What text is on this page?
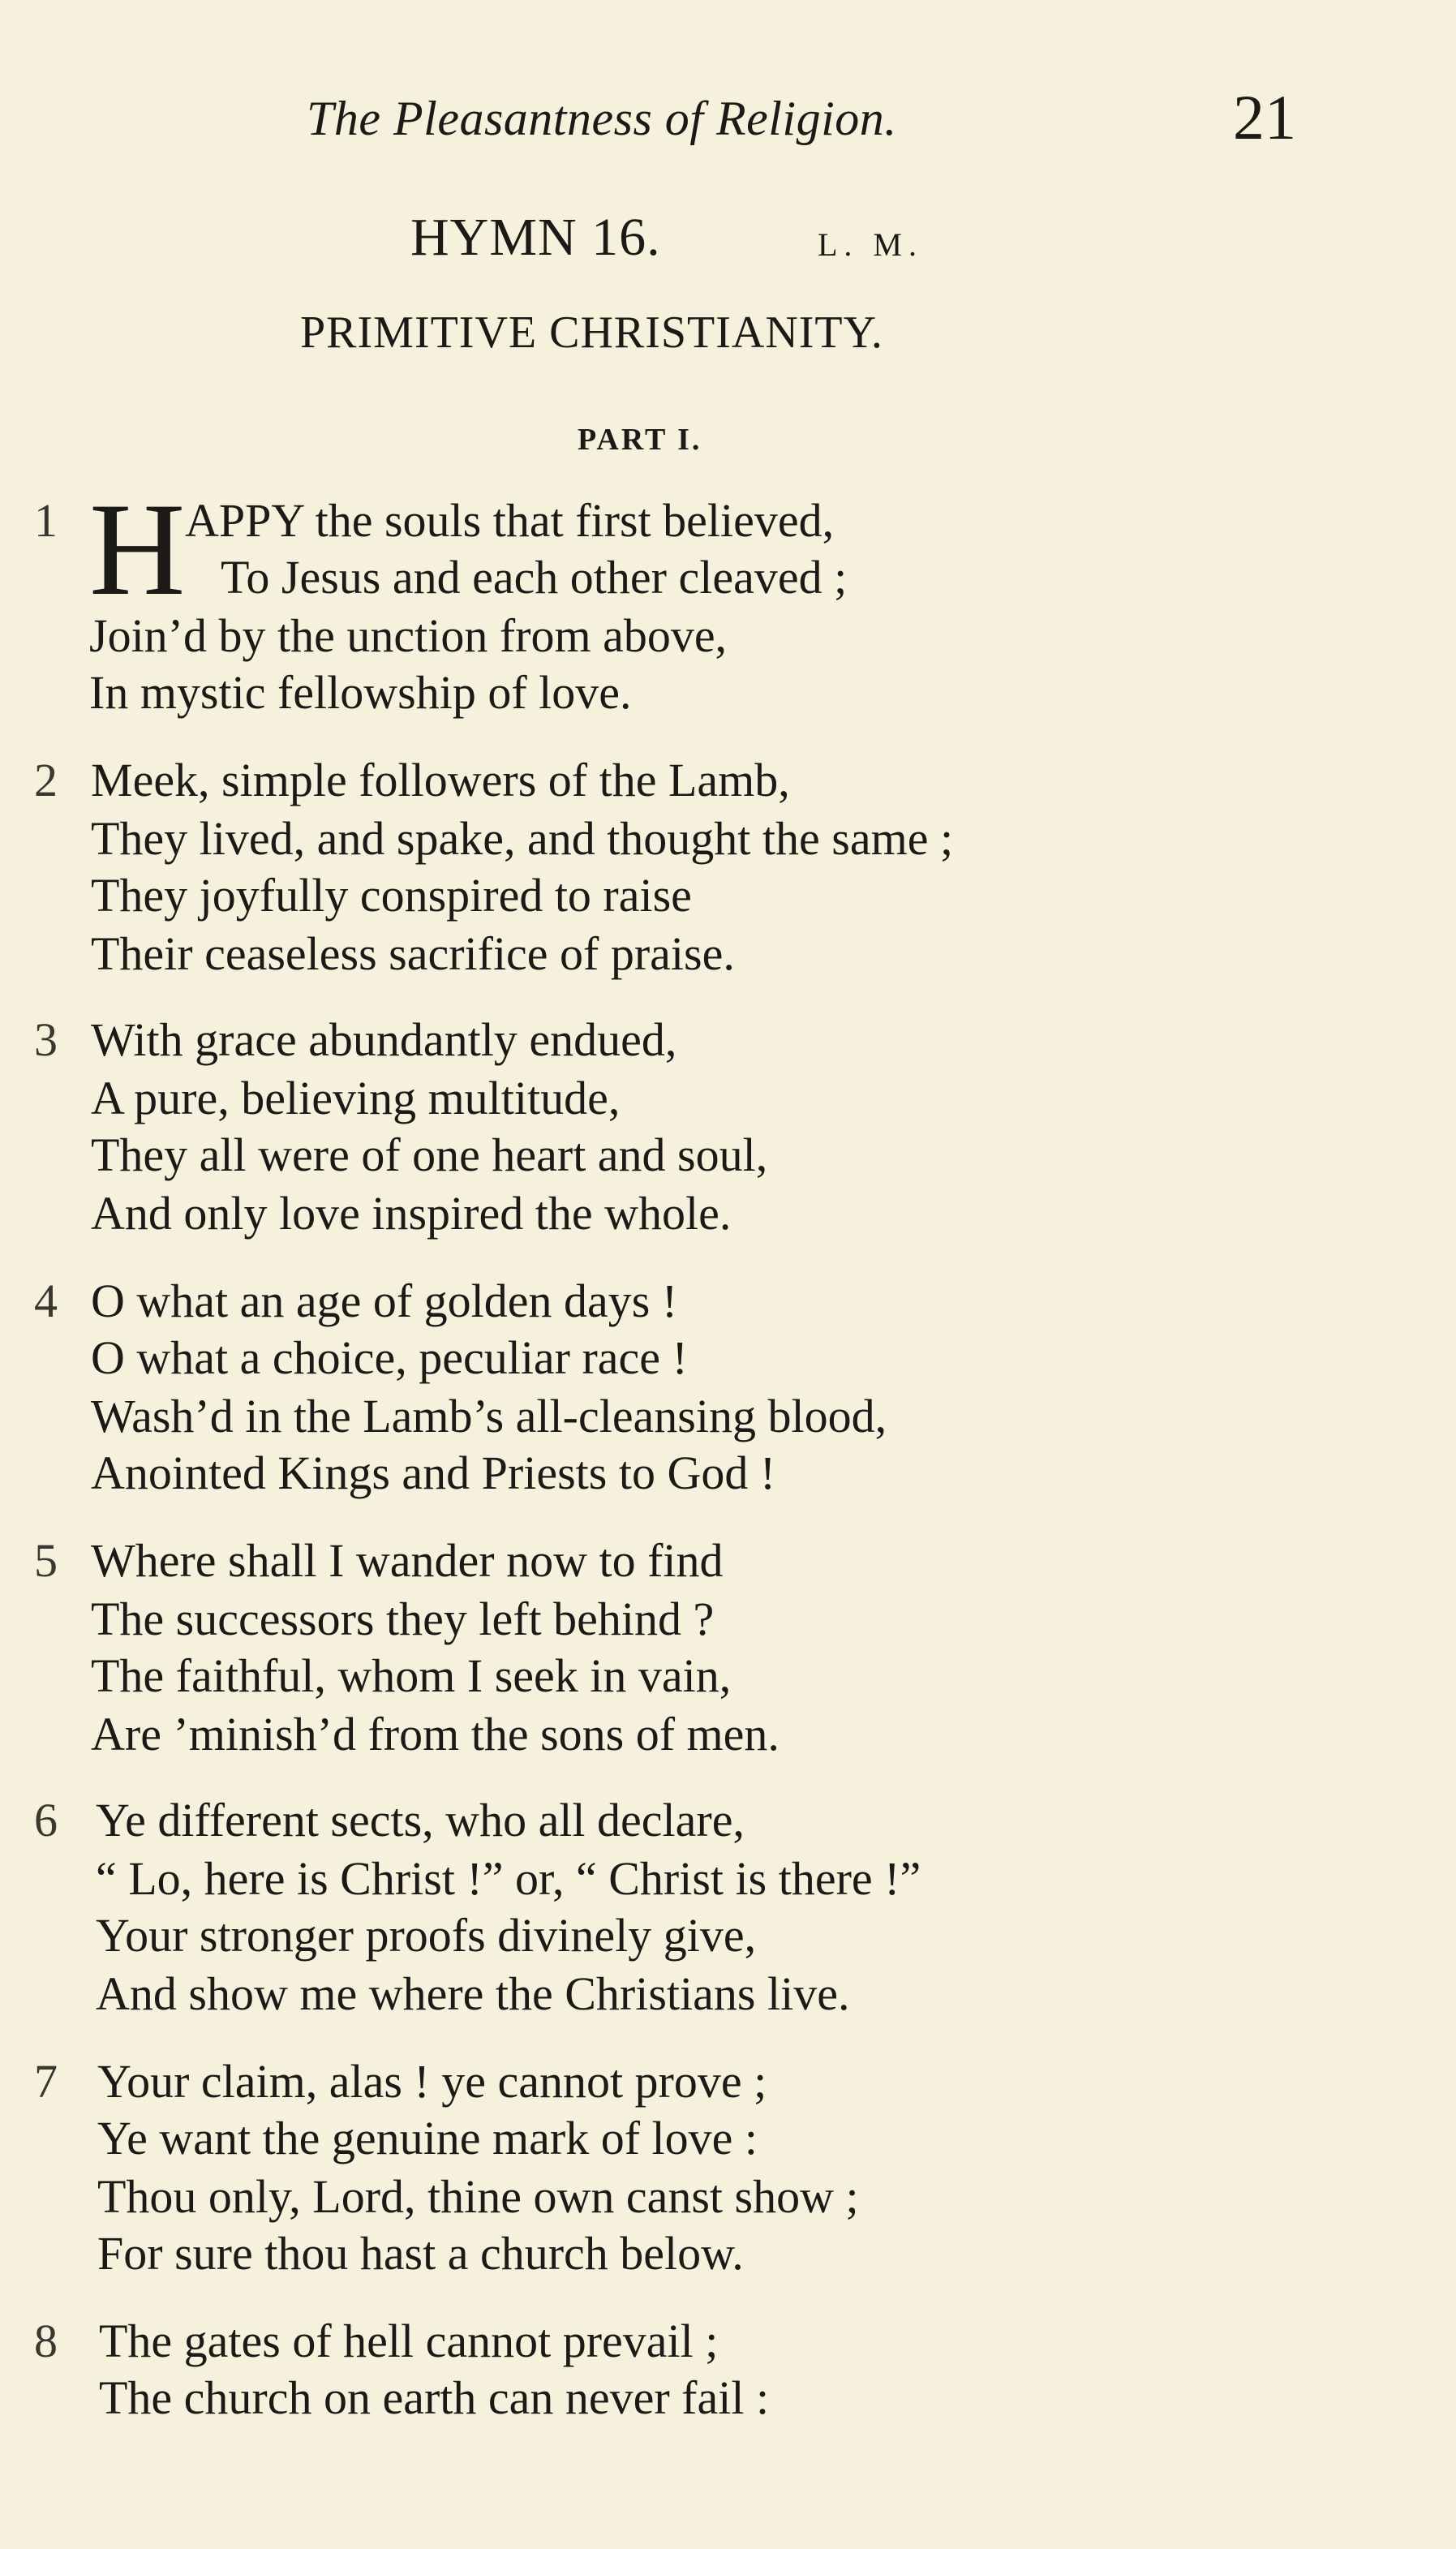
The Pleasantness of Religion.	21
HYMN 16.	L. M.
PRIMITIVE CHRISTIANITY.
PART I.
1 H APPY the souls that first believed,
To Jesus and each other cleaved ;
Join’d by the unction from above,
In mystic fellowship of love.
2 Meek, simple followers of the Lamb,
They lived, and spake, and thought the same ;
They joyfully conspired to raise
Their ceaseless sacrifice of praise.
3 With grace abundantly endued,
A pure, believing multitude,
They all were of one heart and soul,
And only love inspired the whole.
4 O what an age of golden days !
O what a choice, peculiar race !
Wash’d in the Lamb’s all-cleansing blood,
Anointed Kings and Priests to God !
5 Where shall I wander now to find
The successors they left behind ?
The faithful, whom I seek in vain,
Are ’minish’d from the sons of men.
6 Ye different sects, who all declare,
“ Lo, here is Christ !” or, “ Christ is there !”
Your stronger proofs divinely give,
And show me where the Christians live.
7 Your claim, alas ! ye cannot prove ;
Ye want the genuine mark of love :
Thou only, Lord, thine own canst show ;
For sure thou hast a church below.
8 The gates of hell cannot prevail ;
The church on earth can never fail :
